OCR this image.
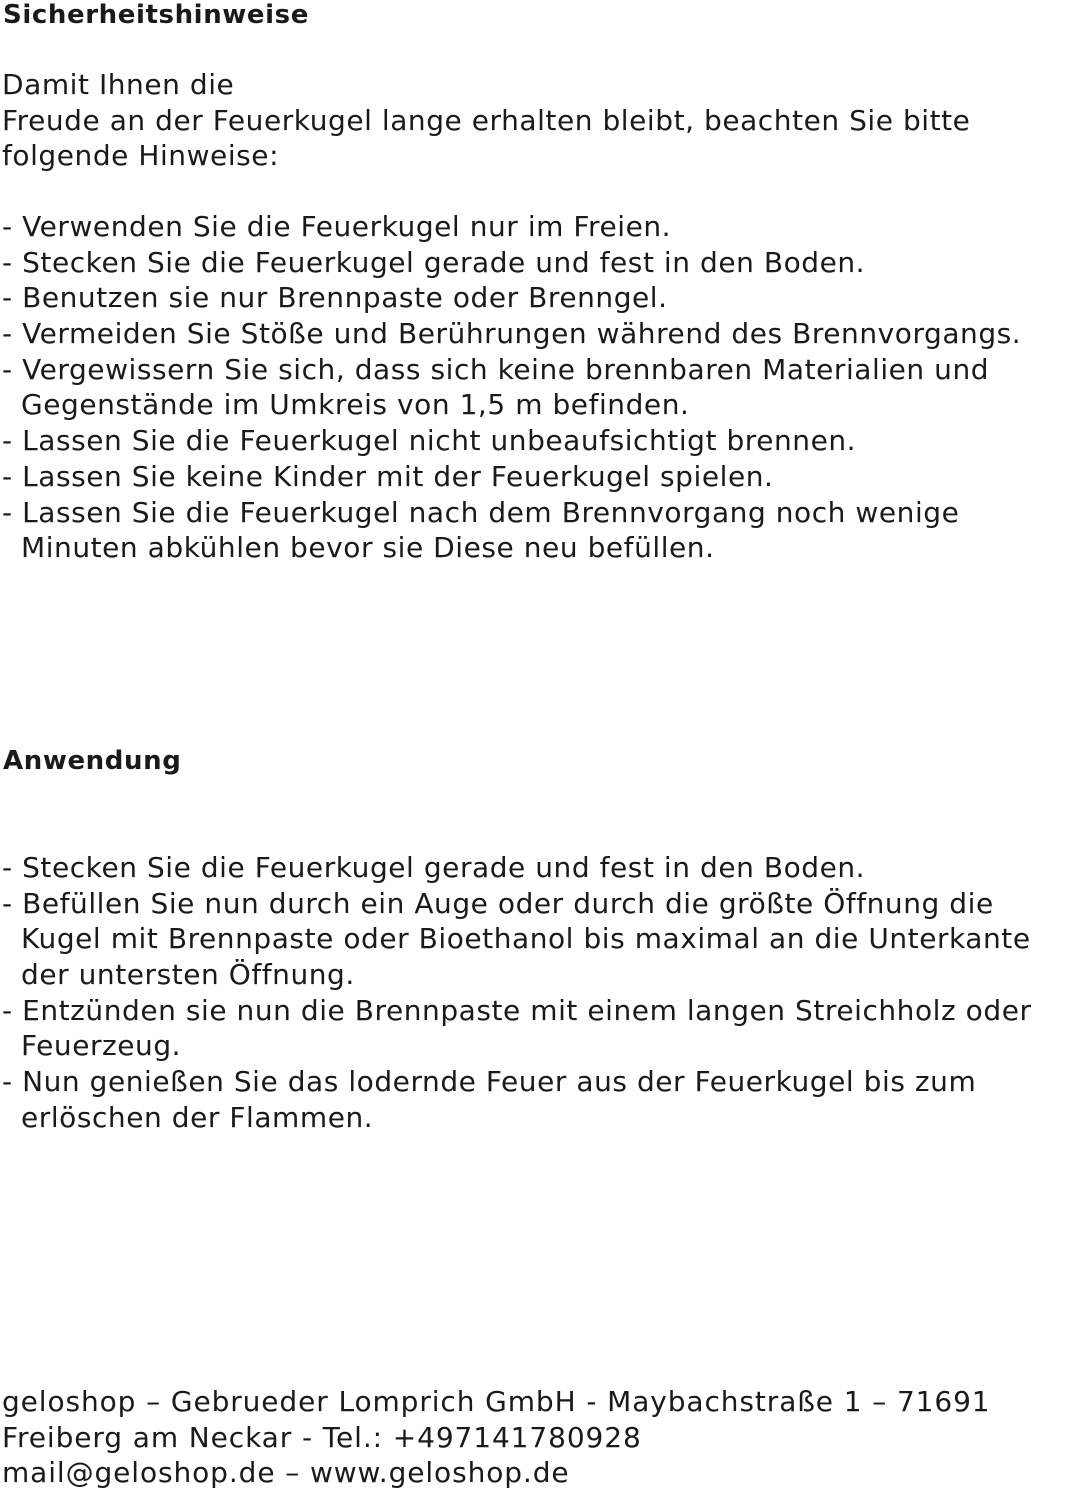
Sicherheitshinweise
Damit Ihnen die
Freude an der Feuerkugel lange erhalten bleibt, beachten Sie bitte
folgende Hinweise:
- Verwenden Sie die Feuerkugel nur im Freien.
- Stecken Sie die Feuerkugel gerade und fest in den Boden.
- Benutzen sie nur Brennpaste oder Brenngel.
- Vermeiden Sie Stöße und Berührungen während des Brennvorgangs.
- Vergewissern Sie sich, dass sich keine brennbaren Materialien und
Gegenstände im Umkreis von 1,5 m befinden.
- Lassen Sie die Feuerkugel nicht unbeaufsichtigt brennen.
- Lassen Sie keine Kinder mit der Feuerkugel spielen.
- Lassen Sie die Feuerkugel nach dem Brennvorgang noch wenige
Minuten abkühlen bevor sie Diese neu befüllen.
Anwendung
- Stecken Sie die Feuerkugel gerade und fest in den Boden.
- Befüllen Sie nun durch ein Auge oder durch die größte Öffnung die
Kugel mit Brennpaste oder Bioethanol bis maximal an die Unterkante
der untersten Öffnung.
- Entzünden sie nun die Brennpaste mit einem langen Streichholz oder
Feuerzeug.
- Nun genießen Sie das lodernde Feuer aus der Feuerkugel bis zum
erlöschen der Flammen.
geloshop – Gebrueder Lomprich GmbH - Maybachstraße 1 – 71691
Freiberg am Neckar - Tel.: +497141780928
mail@geloshop.de – www.geloshop.de
